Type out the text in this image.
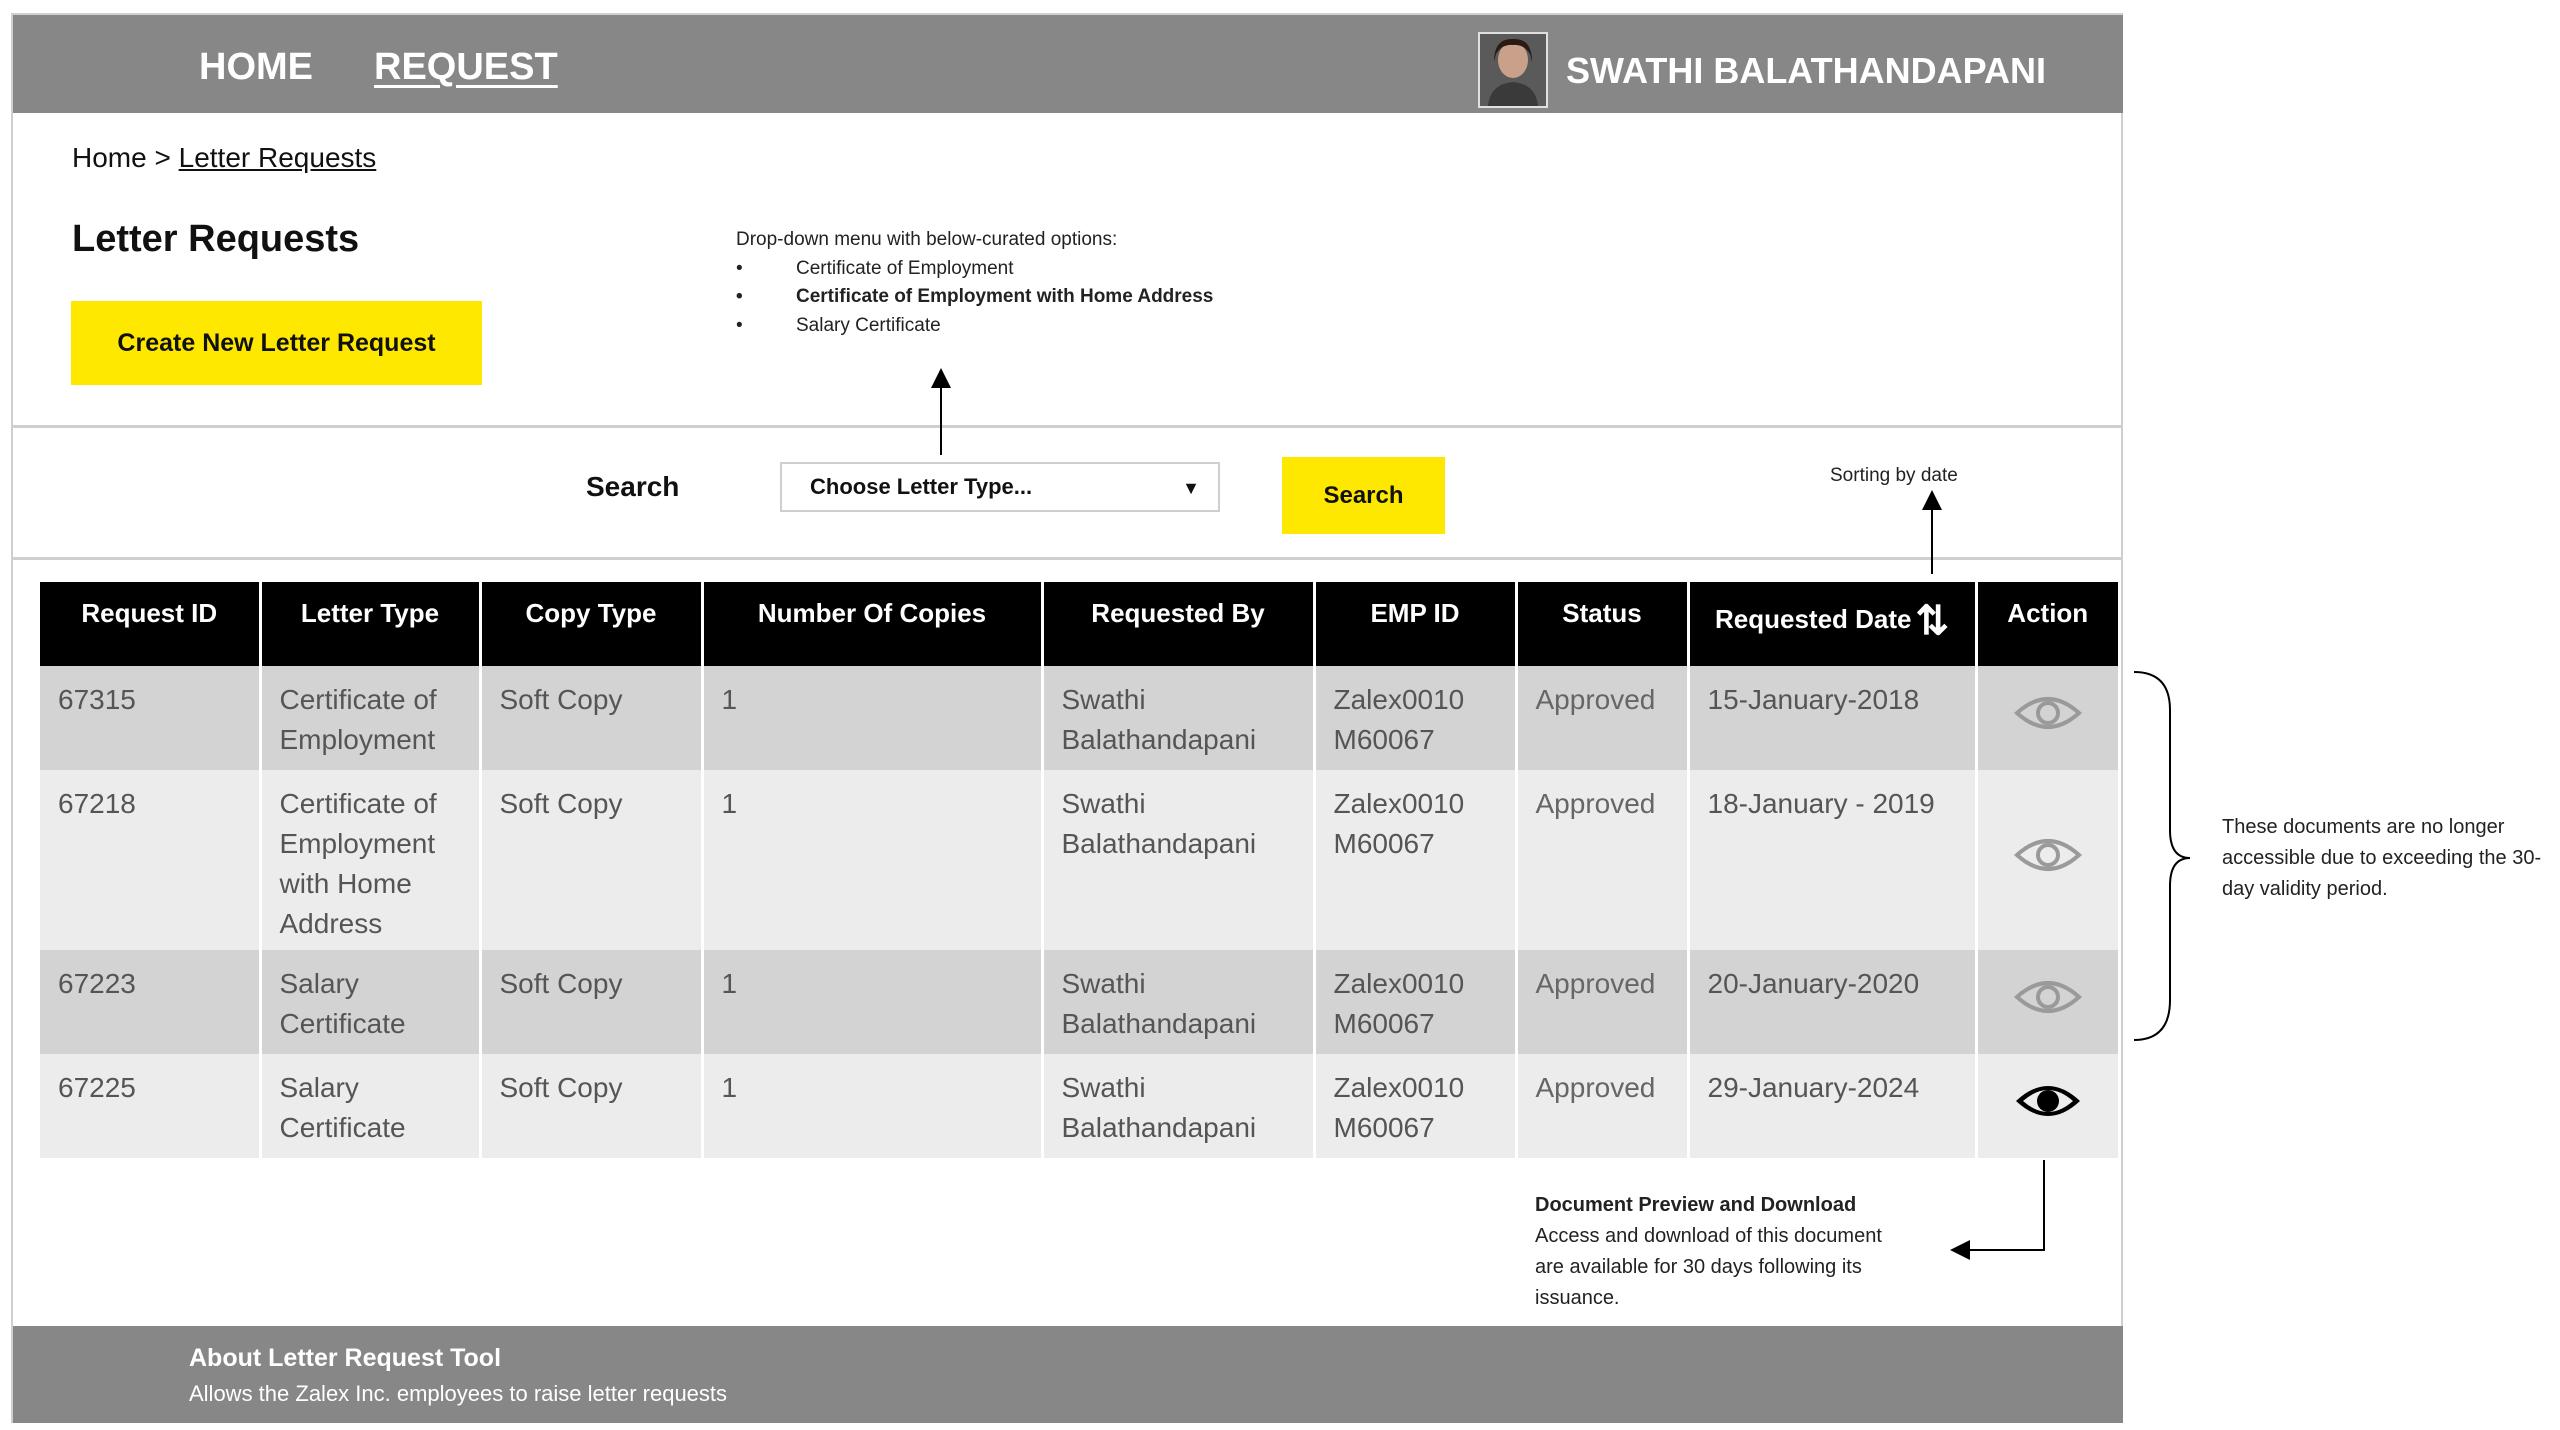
HOME REQUEST	SWATHI BALATHANDAPANI
Home > Letter Requests
Letter Requests
Create New Letter Request
Drop-down menu with below-curated options:
• Certificate of Employment
• Certificate of Employment with Home Address
• Salary Certificate
Search	Choose Letter Type...	▼	Search
Sorting by date
Request ID	Letter Type	Copy Type	Number Of Copies	Requested By	EMP ID	Status	Requested Date ⇅	Action
67315	Certificate of Employment	Soft Copy	1	Swathi Balathandapani	Zalex0010 M60067	Approved	15-January-2018	
67218	Certificate of Employment with Home Address	Soft Copy	1	Swathi Balathandapani	Zalex0010 M60067	Approved	18-January - 2019	
67223	Salary Certificate	Soft Copy	1	Swathi Balathandapani	Zalex0010 M60067	Approved	20-January-2020	
67225	Salary Certificate	Soft Copy	1	Swathi Balathandapani	Zalex0010 M60067	Approved	29-January-2024	
Document Preview and Download
Access and download of this document are available for 30 days following its issuance.
These documents are no longer accessible due to exceeding the 30-day validity period.
About Letter Request Tool
Allows the Zalex Inc. employees to raise letter requests
